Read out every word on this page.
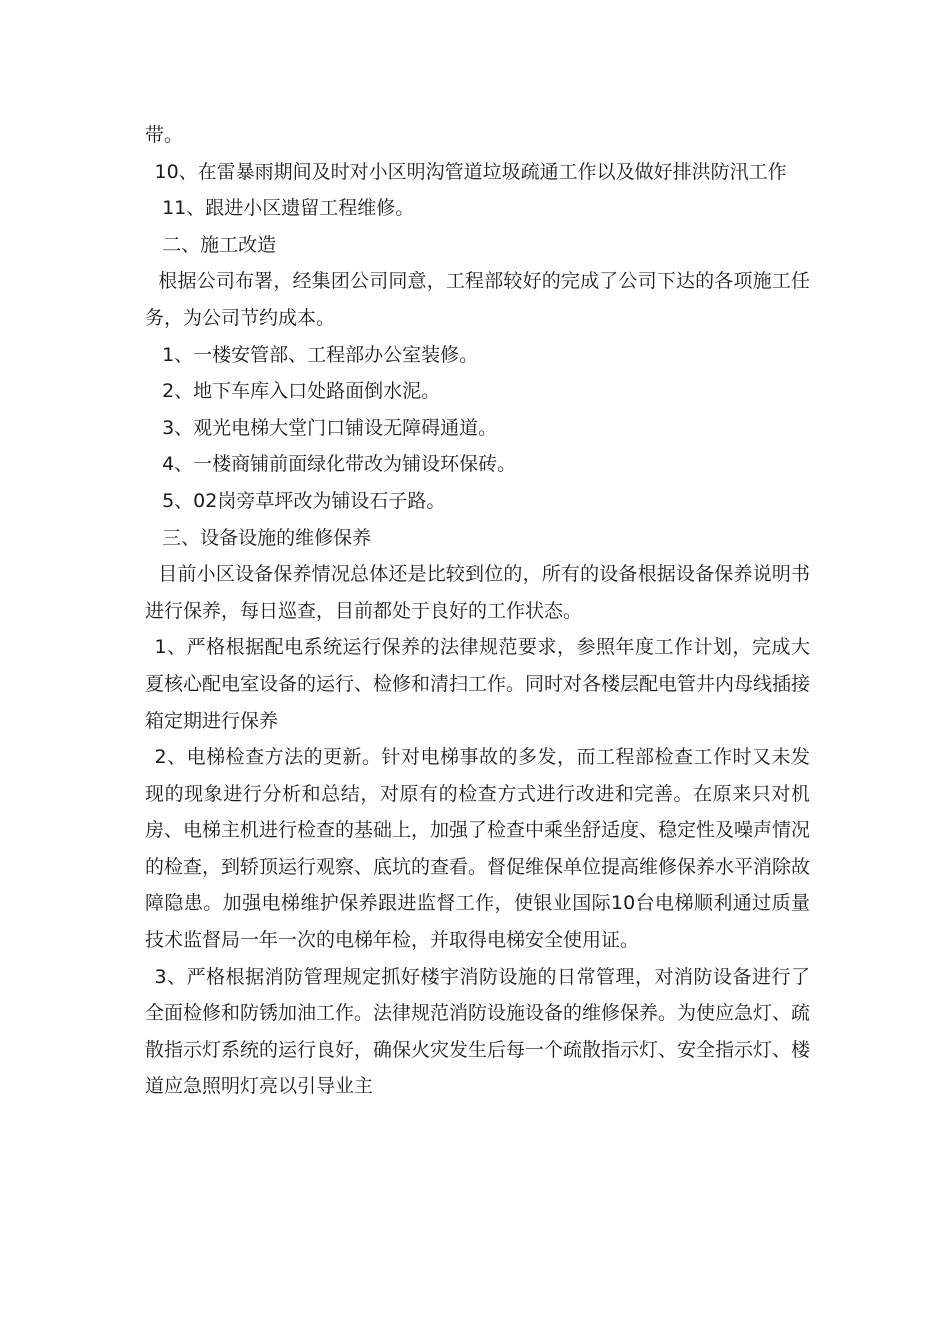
带。

10、在雷暴雨期间及时对小区明沟管道垃圾疏通工作以及做好排洪防汛工作

11、跟进小区遗留工程维修。

二、施工改造

根据公司布署，经集团公司同意，工程部较好的完成了公司下达的各项施工任务，为公司节约成本。

1、一楼安管部、工程部办公室装修。

2、地下车库入口处路面倒水泥。

3、观光电梯大堂门口铺设无障碍通道。

4、一楼商铺前面绿化带改为铺设环保砖。

5、02岗旁草坪改为铺设石子路。

三、设备设施的维修保养

目前小区设备保养情况总体还是比较到位的，所有的设备根据设备保养说明书进行保养，每日巡查，目前都处于良好的工作状态。

1、严格根据配电系统运行保养的法律规范要求，参照年度工作计划，完成大夏核心配电室设备的运行、检修和清扫工作。同时对各楼层配电管井内母线插接箱定期进行保养

2、电梯检查方法的更新。针对电梯事故的多发，而工程部检查工作时又未发现的现象进行分析和总结，对原有的检查方式进行改进和完善。在原来只对机房、电梯主机进行检查的基础上，加强了检查中乘坐舒适度、稳定性及噪声情况的检查，到轿顶运行观察、底坑的查看。督促维保单位提高维修保养水平消除故障隐患。加强电梯维护保养跟进监督工作，使银业国际10台电梯顺利通过质量技术监督局一年一次的电梯年检，并取得电梯安全使用证。

3、严格根据消防管理规定抓好楼宇消防设施的日常管理，对消防设备进行了全面检修和防锈加油工作。法律规范消防设施设备的维修保养。为使应急灯、疏散指示灯系统的运行良好，确保火灾发生后每一个疏散指示灯、安全指示灯、楼道应急照明灯亮以引导业主
